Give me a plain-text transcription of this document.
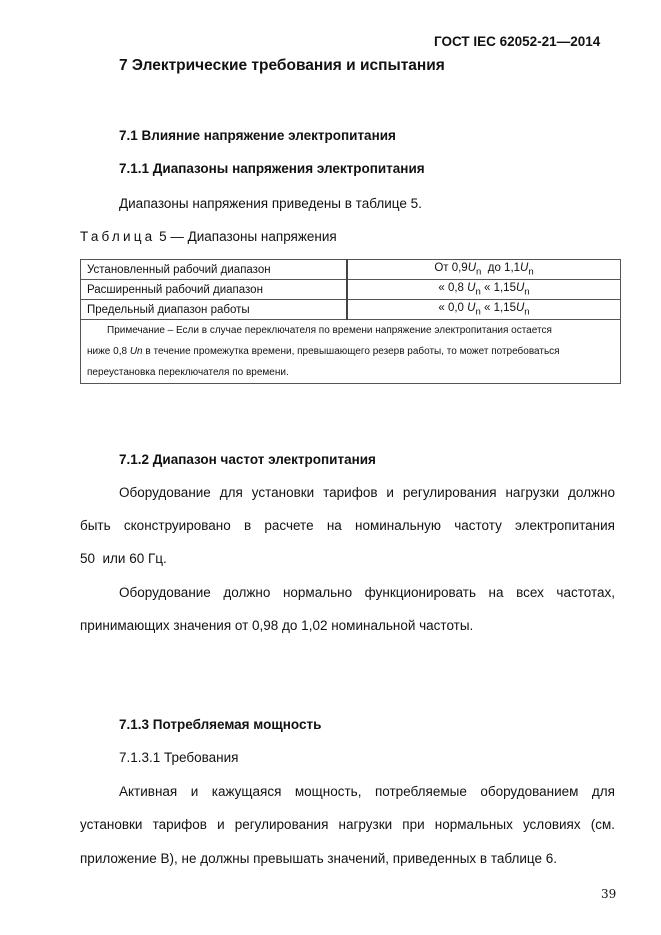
ГОСТ IEC 62052-21—2014
7 Электрические требования и испытания
7.1 Влияние напряжение электропитания
7.1.1 Диапазоны напряжения электропитания
Диапазоны напряжения приведены в таблице 5.
Таблица 5 — Диапазоны напряжения
Установленный рабочий диапазон	От $0,9U_n$  до $1,1U_n$
Расширенный рабочий диапазон	« 0,8 $U_n$ « $1,15U_n$
Предельный диапазон работы	« 0,0 $U_n$ « $1,15U_n$

Примечание – Если в случае переключателя по времени напряжение электропитания остается
ниже 0,8 Un в течение промежутка времени, превышающего резерв работы, то может потребоваться
переустановка переключателя по времени.	
7.1.2 Диапазон частот электропитания
Оборудование для установки тарифов и регулирования нагрузки должно
быть сконструировано в расчете на номинальную частоту электропитания
50  или 60 Гц.
Оборудование должно нормально функционировать на всех частотах,
принимающих значения от 0,98 до 1,02 номинальной частоты.
7.1.3 Потребляемая мощность
7.1.3.1 Требования
Активная и кажущаяся мощность, потребляемые оборудованием для
установки тарифов и регулирования нагрузки при нормальных условиях (см.
приложение В), не должны превышать значений, приведенных в таблице 6.
39
